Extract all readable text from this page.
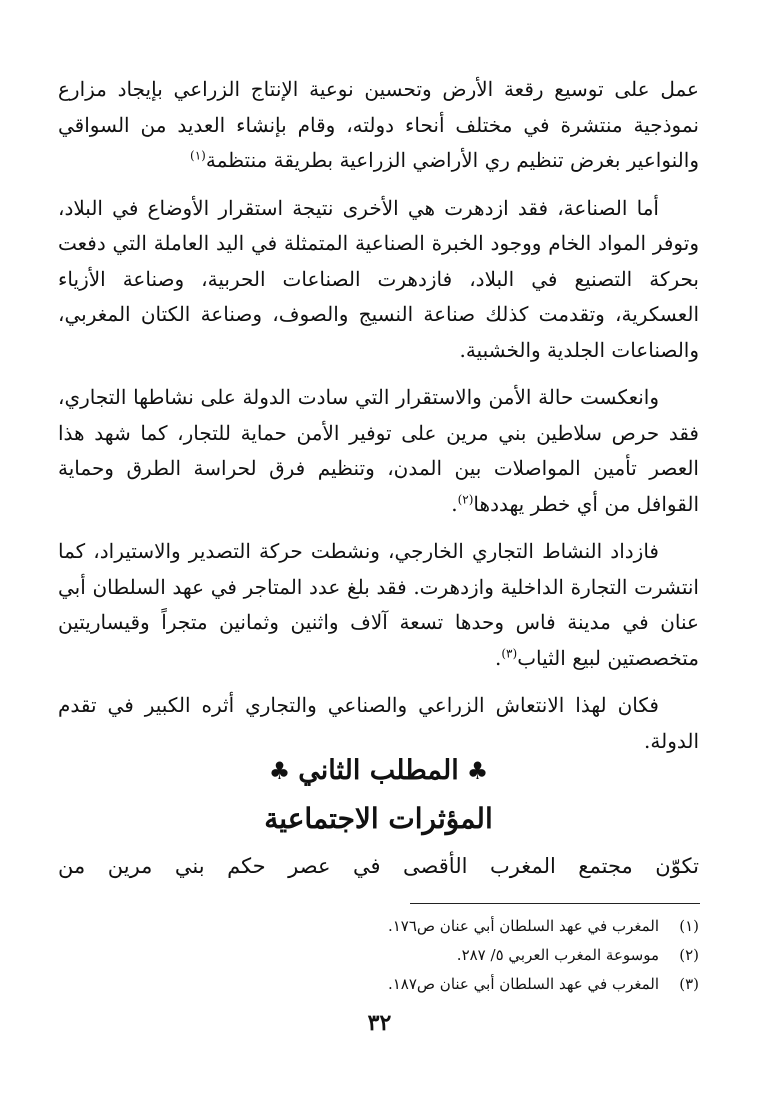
عمل على توسيع رقعة الأرض وتحسين نوعية الإنتاج الزراعي بإيجاد مزارع نموذجية منتشرة في مختلف أنحاء دولته، وقام بإنشاء العديد من السواقي والنواعير بغرض تنظيم ري الأراضي الزراعية بطريقة منتظمة$^{(١)}$

أما الصناعة، فقد ازدهرت هي الأخرى نتيجة استقرار الأوضاع في البلاد، وتوفر المواد الخام ووجود الخبرة الصناعية المتمثلة في اليد العاملة التي دفعت بحركة التصنيع في البلاد، فازدهرت الصناعات الحربية، وصناعة الأزياء العسكرية، وتقدمت كذلك صناعة النسيج والصوف، وصناعة الكتان المغربي، والصناعات الجلدية والخشبية.

وانعكست حالة الأمن والاستقرار التي سادت الدولة على نشاطها التجاري، فقد حرص سلاطين بني مرين على توفير الأمن حماية للتجار، كما شهد هذا العصر تأمين المواصلات بين المدن، وتنظيم فرق لحراسة الطرق وحماية القوافل من أي خطر يهددها$^{(٢)}$.

فازداد النشاط التجاري الخارجي، ونشطت حركة التصدير والاستيراد، كما انتشرت التجارة الداخلية وازدهرت. فقد بلغ عدد المتاجر في عهد السلطان أبي عنان في مدينة فاس وحدها تسعة آلاف واثنين وثمانين متجراً وقيساريتين متخصصتين لبيع الثياب$^{(٣)}$.

فكان لهذا الانتعاش الزراعي والصناعي والتجاري أثره الكبير في تقدم الدولة.

♣المطلب الثاني♣
المؤثرات الاجتماعية
تكوّن مجتمع المغرب الأقصى في عصر حكم بني مرين من
(١)المغرب في عهد السلطان أبي عنان ص١٧٦.
(٢)موسوعة المغرب العربي ٥/ ٢٨٧.
(٣)المغرب في عهد السلطان أبي عنان ص١٨٧.
٣٢
